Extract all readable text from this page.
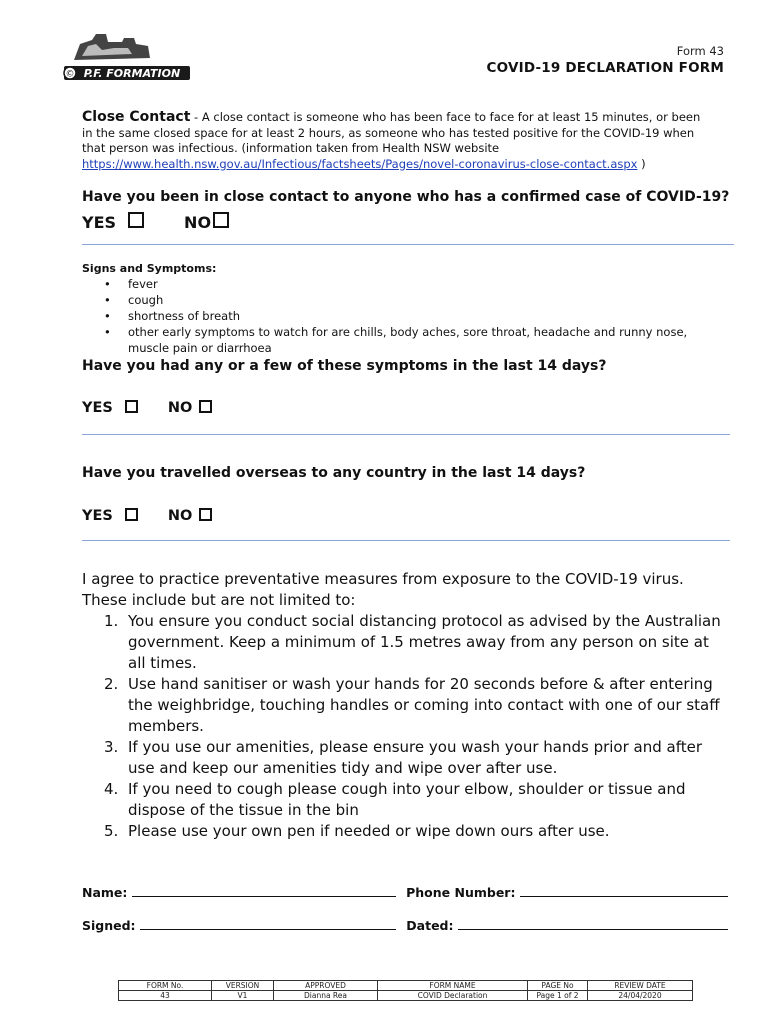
© P.F. FORMATION
Form 43
COVID-19 DECLARATION FORM
Close Contact - A close contact is someone who has been face to face for at least 15 minutes, or been in the same closed space for at least 2 hours, as someone who has tested positive for the COVID-19 when that person was infectious. (information taken from Health NSW website https://www.health.nsw.gov.au/Infectious/factsheets/Pages/novel-coronavirus-close-contact.aspx )
Have you been in close contact to anyone who has a confirmed case of COVID-19?
YES	NO
Signs and Symptoms:
• fever
• cough
• shortness of breath
• other early symptoms to watch for are chills, body aches, sore throat, headache and runny nose, muscle pain or diarrhoea
Have you had any or a few of these symptoms in the last 14 days?
YES	NO
Have you travelled overseas to any country in the last 14 days?
YES	NO
I agree to practice preventative measures from exposure to the COVID-19 virus. These include but are not limited to:
1. You ensure you conduct social distancing protocol as advised by the Australian government. Keep a minimum of 1.5 metres away from any person on site at all times.
2. Use hand sanitiser or wash your hands for 20 seconds before & after entering the weighbridge, touching handles or coming into contact with one of our staff members.
3. If you use our amenities, please ensure you wash your hands prior and after use and keep our amenities tidy and wipe over after use.
4. If you need to cough please cough into your elbow, shoulder or tissue and dispose of the tissue in the bin
5. Please use your own pen if needed or wipe down ours after use.
Name:	Phone Number:
Signed:	Dated:
FORM No.	VERSION	APPROVED	FORM NAME	PAGE No	REVIEW DATE
43	V1	Dianna Rea	COVID Declaration	Page 1 of 2	24/04/2020
